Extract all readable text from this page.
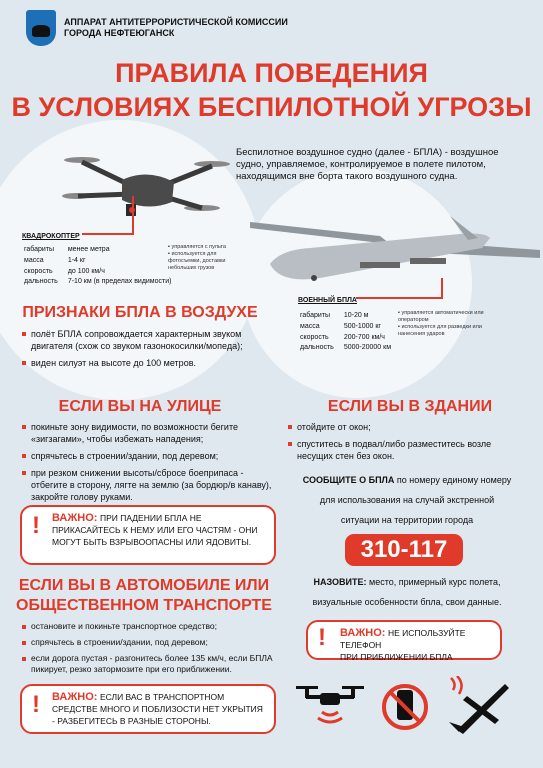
АППАРАТ АНТИТЕРРОРИСТИЧЕСКОЙ КОМИССИИ
ГОРОДА НЕФТЕЮГАНСК
ПРАВИЛА ПОВЕДЕНИЯ
В УСЛОВИЯХ БЕСПИЛОТНОЙ УГРОЗЫ
КВАДРОКОПТЕР
габариты	менее метра
масса	1-4 кг
скорость	до 100 км/ч
дальность	7-10 км (в пределах видимости)
▪ управляется с пульта
▪ используется для фотосъемки, доставки небольших грузов
Беспилотное воздушное судно (далее - БПЛА) - воздушное судно, управляемое, контролируемое в полете пилотом, находящимся вне борта такого воздушного судна.
ВОЕННЫЙ БПЛА
габариты	10-20 м
масса	500-1000 кг
скорость	200-700 км/ч
дальность	5000-20000 км
▪ управляется автоматически или оператором
▪ используется для разведки или нанесения ударов
ПРИЗНАКИ БПЛА В ВОЗДУХЕ
полёт БПЛА сопровождается характерным звуком двигателя (схож со звуком газонокосилки/мопеда);
виден силуэт на высоте до 100 метров.
ЕСЛИ ВЫ НА УЛИЦЕ
покиньте зону видимости, по возможности бегите «зигзагами», чтобы избежать нападения;
спрячьтесь в строении/здании, под деревом;
при резком снижении высоты/сбросе боеприпаса - отбегите в сторону, лягте на землю (за бордюр/в канаву), закройте голову руками.
! ВАЖНО: ПРИ ПАДЕНИИ БПЛА НЕ ПРИКАСАЙТЕСЬ К НЕМУ ИЛИ ЕГО ЧАСТЯМ - ОНИ МОГУТ БЫТЬ ВЗРЫВООПАСНЫ ИЛИ ЯДОВИТЫ.
ЕСЛИ ВЫ В АВТОМОБИЛЕ ИЛИ
ОБЩЕСТВЕННОМ ТРАНСПОРТЕ
остановите и покиньте транспортное средство;
спрячьтесь в строении/здании, под деревом;
если дорога пустая - разгонитесь более 135 км/ч, если БПЛА пикирует, резко затормозите при его приближении.
! ВАЖНО: ЕСЛИ ВАС В ТРАНСПОРТНОМ СРЕДСТВЕ МНОГО И ПОБЛИЗОСТИ НЕТ УКРЫТИЯ - РАЗБЕГИТЕСЬ В РАЗНЫЕ СТОРОНЫ.
ЕСЛИ ВЫ В ЗДАНИИ
отойдите от окон;
спуститесь в подвал/либо разместитесь возле несущих стен без окон.
СООБЩИТЕ О БПЛА по номеру единому номеру
для использования на случай экстренной
ситуации на территории города
310-117
НАЗОВИТЕ: место, примерный курс полета,
визуальные особенности бпла, свои данные.
! ВАЖНО: НЕ ИСПОЛЬЗУЙТЕ ТЕЛЕФОН
ПРИ ПРИБЛИЖЕНИИ БПЛА
